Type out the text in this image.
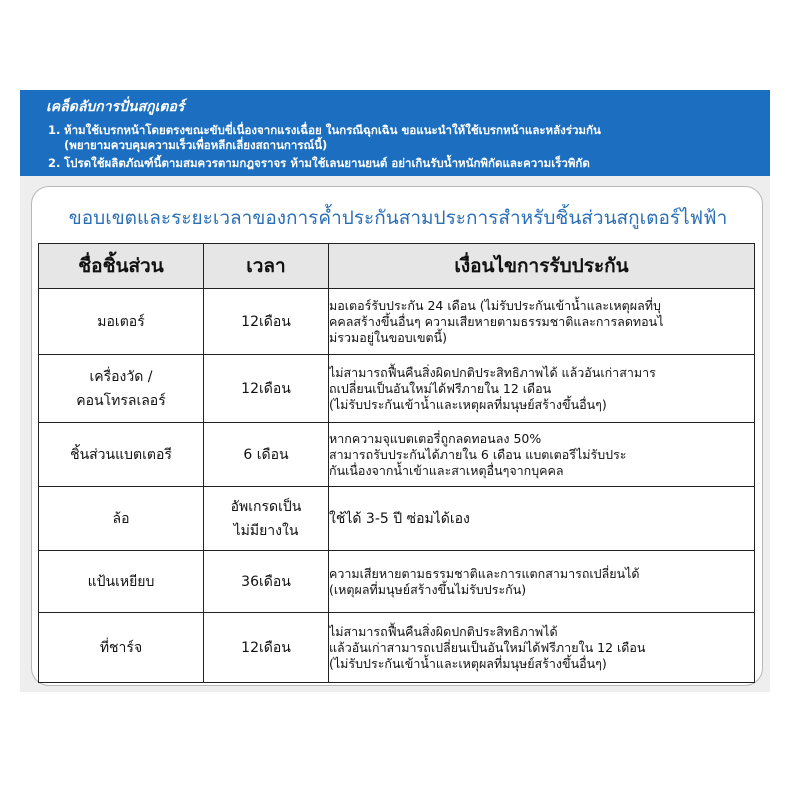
เคล็ดลับการปั่นสกูเตอร์
1. ห้ามใช้เบรกหน้าโดยตรงขณะขับขี่เนื่องจากแรงเฉื่อย ในกรณีฉุกเฉิน ขอแนะนำให้ใช้เบรกหน้าและหลังร่วมกัน
(พยายามควบคุมความเร็วเพื่อหลีกเลี่ยงสถานการณ์นี้)
2. โปรดใช้ผลิตภัณฑ์นี้ตามสมควรตามกฎจราจร ห้ามใช้เลนยานยนต์ อย่าเกินรับน้ำหนักพิกัดและความเร็วพิกัด
ขอบเขตและระยะเวลาของการค้ำประกันสามประการสำหรับชิ้นส่วนสกูเตอร์ไฟฟ้า
ชื่อชิ้นส่วน	เวลา	เงื่อนไขการรับประกัน

มอเตอร์	12เดือน	มอเตอร์รับประกัน 24 เดือน (ไม่รับประกันเข้าน้ำและเหตุผลที่บุ
คคลสร้างขึ้นอื่นๆ ความเสียหายตามธรรมชาติและการลดทอนไ
ม่รวมอยู่ในขอบเขตนี้)

เครื่องวัด /
คอนโทรลเลอร์	12เดือน	ไม่สามารถฟื้นคืนสิ่งผิดปกติประสิทธิภาพได้ แล้วอันเก่าสามาร
ถเปลี่ยนเป็นอันใหม่ได้ฟรีภายใน 12 เดือน
(ไม่รับประกันเข้าน้ำและเหตุผลที่มนุษย์สร้างขึ้นอื่นๆ)

ชิ้นส่วนแบตเตอรี	6 เดือน	หากความจุแบตเตอรี่ถูกลดทอนลง 50%
สามารถรับประกันได้ภายใน 6 เดือน แบตเตอรีไม่รับประ
กันเนื่องจากน้ำเข้าและสาเหตุอื่นๆจากบุคคล

ล้อ	อัพเกรดเป็น
ไม่มียางใน	ใช้ได้ 3-5 ปี ซ่อมได้เอง

แป้นเหยียบ	36เดือน	ความเสียหายตามธรรมชาติและการแตกสามารถเปลี่ยนได้
(เหตุผลที่มนุษย์สร้างขึ้นไม่รับประกัน)

ที่ชาร์จ	12เดือน	ไม่สามารถฟื้นคืนสิ่งผิดปกติประสิทธิภาพได้
แล้วอันเก่าสามารถเปลี่ยนเป็นอันใหม่ได้ฟรีภายใน 12 เดือน
(ไม่รับประกันเข้าน้ำและเหตุผลที่มนุษย์สร้างขึ้นอื่นๆ)
